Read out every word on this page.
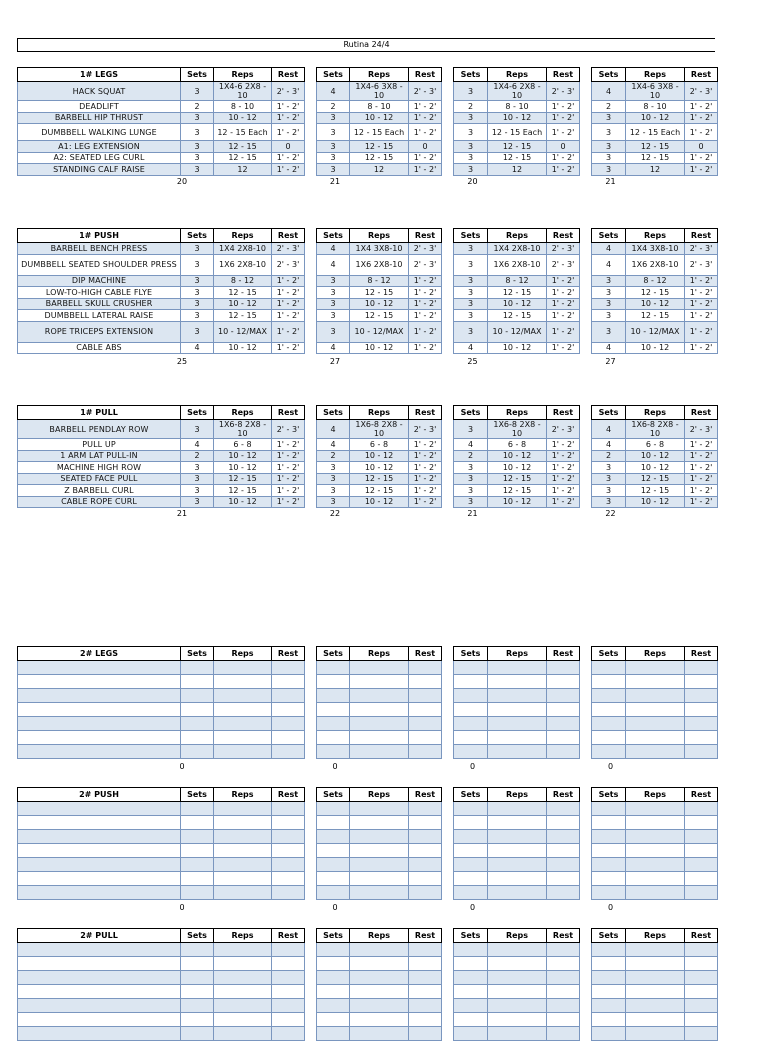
Rutina 24/4
1# LEGS	Sets	Reps	Rest
HACK SQUAT	3	1X4-6 2X8 - 10	2' - 3'
DEADLIFT	2	8 - 10	1' - 2'
BARBELL HIP THRUST	3	10 - 12	1' - 2'
DUMBBELL WALKING LUNGE	3	12 - 15 Each	1' - 2'
A1: LEG EXTENSION	3	12 - 15	0
A2: SEATED LEG CURL	3	12 - 15	1' - 2'
STANDING CALF RAISE	3	12	1' - 2'
20
Sets	Reps	Rest
4	1X4-6 3X8 - 10	2' - 3'
2	8 - 10	1' - 2'
3	10 - 12	1' - 2'
3	12 - 15 Each	1' - 2'
3	12 - 15	0
3	12 - 15	1' - 2'
3	12	1' - 2'
21
Sets	Reps	Rest
3	1X4-6 2X8 - 10	2' - 3'
2	8 - 10	1' - 2'
3	10 - 12	1' - 2'
3	12 - 15 Each	1' - 2'
3	12 - 15	0
3	12 - 15	1' - 2'
3	12	1' - 2'
20
Sets	Reps	Rest
4	1X4-6 3X8 - 10	2' - 3'
2	8 - 10	1' - 2'
3	10 - 12	1' - 2'
3	12 - 15 Each	1' - 2'
3	12 - 15	0
3	12 - 15	1' - 2'
3	12	1' - 2'
21
1# PUSH	Sets	Reps	Rest
BARBELL BENCH PRESS	3	1X4 2X8-10	2' - 3'
DUMBBELL SEATED SHOULDER PRESS	3	1X6 2X8-10	2' - 3'
DIP MACHINE	3	8 - 12	1' - 2'
LOW-TO-HIGH CABLE FLYE	3	12 - 15	1' - 2'
BARBELL SKULL CRUSHER	3	10 - 12	1' - 2'
DUMBBELL LATERAL RAISE	3	12 - 15	1' - 2'
ROPE TRICEPS EXTENSION	3	10 - 12/MAX	1' - 2'
CABLE ABS	4	10 - 12	1' - 2'
25
Sets	Reps	Rest
4	1X4 3X8-10	2' - 3'
4	1X6 2X8-10	2' - 3'
3	8 - 12	1' - 2'
3	12 - 15	1' - 2'
3	10 - 12	1' - 2'
3	12 - 15	1' - 2'
3	10 - 12/MAX	1' - 2'
4	10 - 12	1' - 2'
27
Sets	Reps	Rest
3	1X4 2X8-10	2' - 3'
3	1X6 2X8-10	2' - 3'
3	8 - 12	1' - 2'
3	12 - 15	1' - 2'
3	10 - 12	1' - 2'
3	12 - 15	1' - 2'
3	10 - 12/MAX	1' - 2'
4	10 - 12	1' - 2'
25
Sets	Reps	Rest
4	1X4 3X8-10	2' - 3'
4	1X6 2X8-10	2' - 3'
3	8 - 12	1' - 2'
3	12 - 15	1' - 2'
3	10 - 12	1' - 2'
3	12 - 15	1' - 2'
3	10 - 12/MAX	1' - 2'
4	10 - 12	1' - 2'
27
1# PULL	Sets	Reps	Rest
BARBELL PENDLAY ROW	3	1X6-8 2X8 - 10	2' - 3'
PULL UP	4	6 - 8	1' - 2'
1 ARM LAT PULL-IN	2	10 - 12	1' - 2'
MACHINE HIGH ROW	3	10 - 12	1' - 2'
SEATED FACE PULL	3	12 - 15	1' - 2'
Z BARBELL CURL	3	12 - 15	1' - 2'
CABLE ROPE CURL	3	10 - 12	1' - 2'
21
Sets	Reps	Rest
4	1X6-8 2X8 - 10	2' - 3'
4	6 - 8	1' - 2'
2	10 - 12	1' - 2'
3	10 - 12	1' - 2'
3	12 - 15	1' - 2'
3	12 - 15	1' - 2'
3	10 - 12	1' - 2'
22
Sets	Reps	Rest
3	1X6-8 2X8 - 10	2' - 3'
4	6 - 8	1' - 2'
2	10 - 12	1' - 2'
3	10 - 12	1' - 2'
3	12 - 15	1' - 2'
3	12 - 15	1' - 2'
3	10 - 12	1' - 2'
21
Sets	Reps	Rest
4	1X6-8 2X8 - 10	2' - 3'
4	6 - 8	1' - 2'
2	10 - 12	1' - 2'
3	10 - 12	1' - 2'
3	12 - 15	1' - 2'
3	12 - 15	1' - 2'
3	10 - 12	1' - 2'
22
2# LEGS	Sets	Reps	Rest

0
Sets	Reps	Rest

0
Sets	Reps	Rest

0
Sets	Reps	Rest

0
2# PUSH	Sets	Reps	Rest

0
Sets	Reps	Rest

0
Sets	Reps	Rest

0
Sets	Reps	Rest

0
2# PULL	Sets	Reps	Rest

				Sets	Reps	Rest

			Sets	Reps	Rest

			Sets	Reps	Rest
